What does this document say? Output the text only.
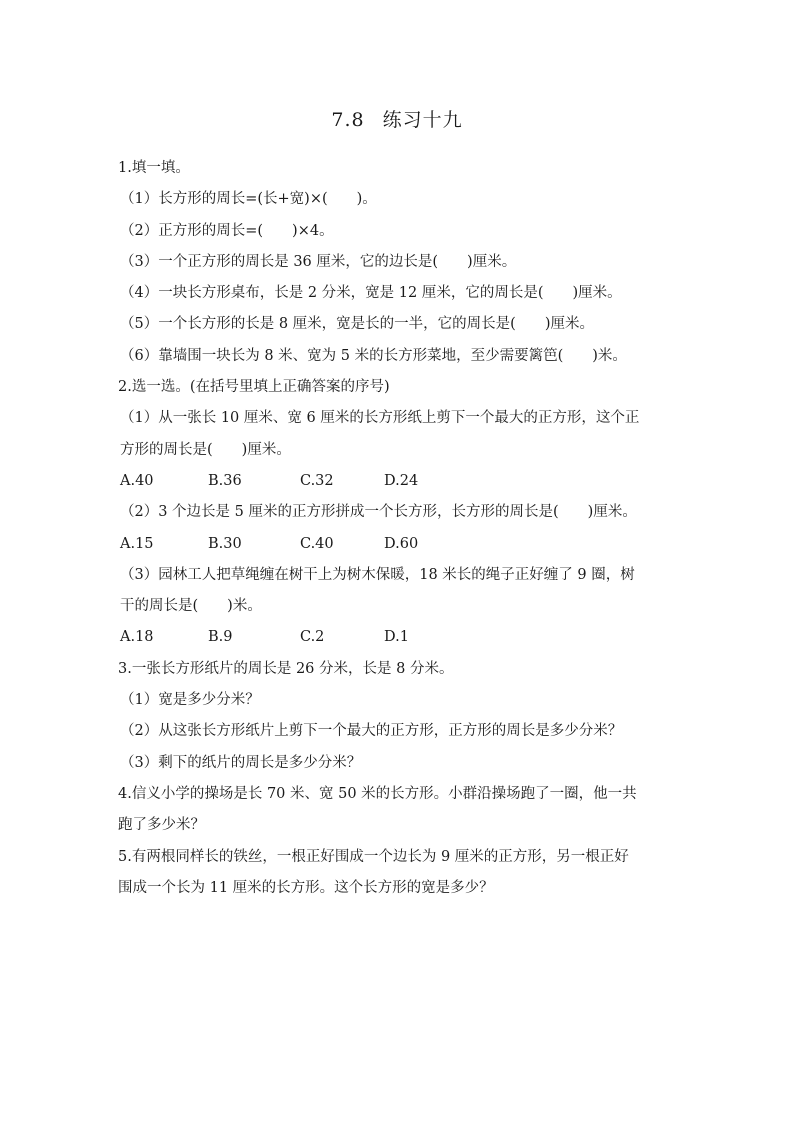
7.8 练习十九
1.填一填。
（1）长方形的周长=(长+宽)×(　　)。
（2）正方形的周长=(　　)×4。
（3）一个正方形的周长是 36 厘米，它的边长是(　　)厘米。
（4）一块长方形桌布，长是 2 分米，宽是 12 厘米，它的周长是(　　)厘米。
（5）一个长方形的长是 8 厘米，宽是长的一半，它的周长是(　　)厘米。
（6）靠墙围一块长为 8 米、宽为 5 米的长方形菜地，至少需要篱笆(　　)米。
2.选一选。(在括号里填上正确答案的序号)
（1）从一张长 10 厘米、宽 6 厘米的长方形纸上剪下一个最大的正方形，这个正
方形的周长是(　　)厘米。
A.40	B.36	C.32	D.24
（2）3 个边长是 5 厘米的正方形拼成一个长方形，长方形的周长是(　　)厘米。
A.15	B.30	C.40	D.60
（3）园林工人把草绳缠在树干上为树木保暖，18 米长的绳子正好缠了 9 圈，树
干的周长是(　　)米。
A.18	B.9	C.2	D.1
3.一张长方形纸片的周长是 26 分米，长是 8 分米。
（1）宽是多少分米？
（2）从这张长方形纸片上剪下一个最大的正方形，正方形的周长是多少分米？
（3）剩下的纸片的周长是多少分米？
4.信义小学的操场是长 70 米、宽 50 米的长方形。小群沿操场跑了一圈，他一共
跑了多少米？
5.有两根同样长的铁丝，一根正好围成一个边长为 9 厘米的正方形，另一根正好
围成一个长为 11 厘米的长方形。这个长方形的宽是多少？
